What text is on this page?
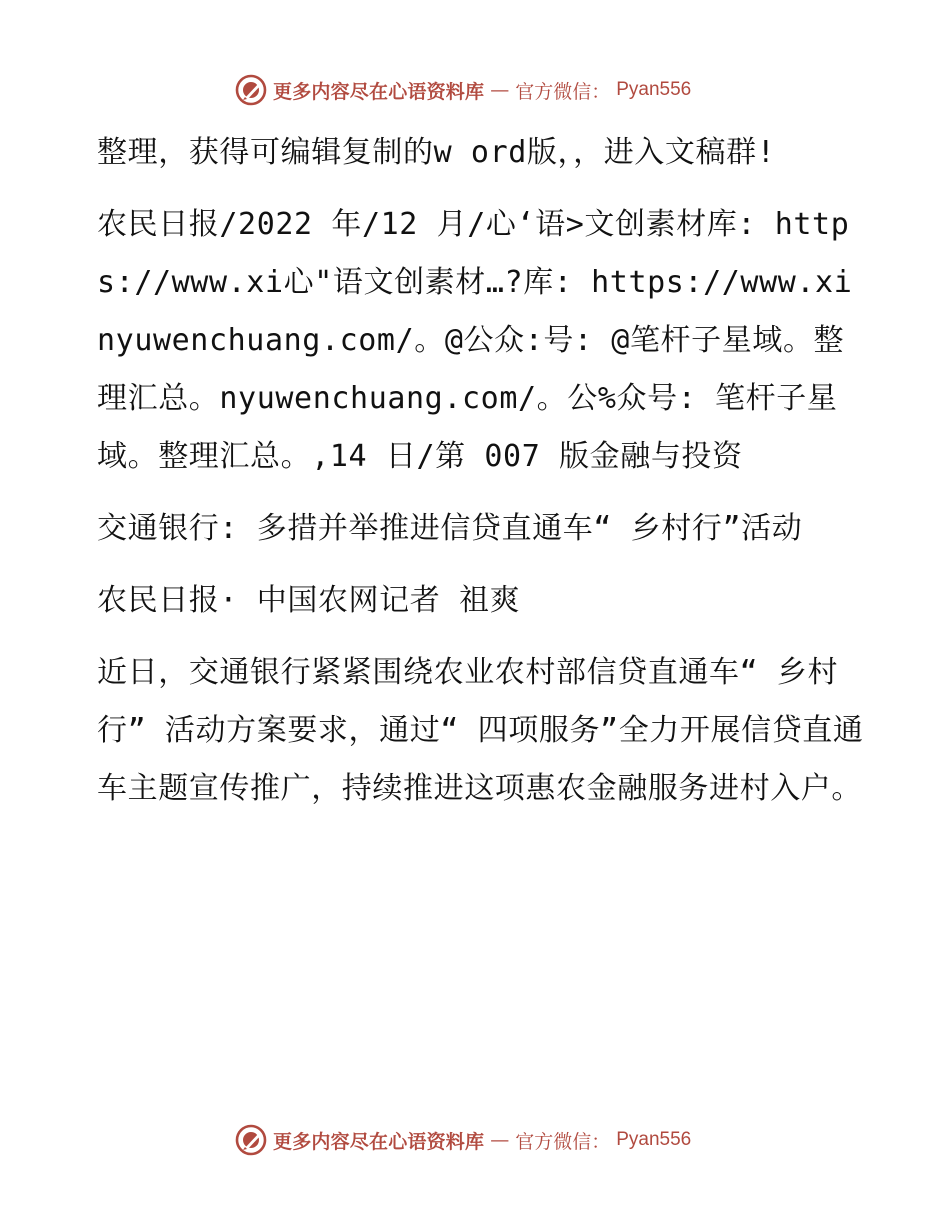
更多内容尽在心语资料库 — 官方微信： Pyan556

整理，获得可编辑复制的w ord版，，进入文稿群!

农民日报/2022 年/12 月/心‘语>文创素材库: https://www.xi心"语文创素材…?库: https://www.xinyuwenchuang.com/。@公众:号: @笔杆子星域。整理汇总。nyuwenchuang.com/。公%众号: 笔杆子星域。整理汇总。,14 日/第 007 版金融与投资

交通银行: 多措并举推进信贷直通车“ 乡村行”活动

农民日报· 中国农网记者 祖爽

近日，交通银行紧紧围绕农业农村部信贷直通车“ 乡村行” 活动方案要求，通过“ 四项服务”全力开展信贷直通车主题宣传推广，持续推进这项惠农金融服务进村入户。

更多内容尽在心语资料库 — 官方微信： Pyan556
